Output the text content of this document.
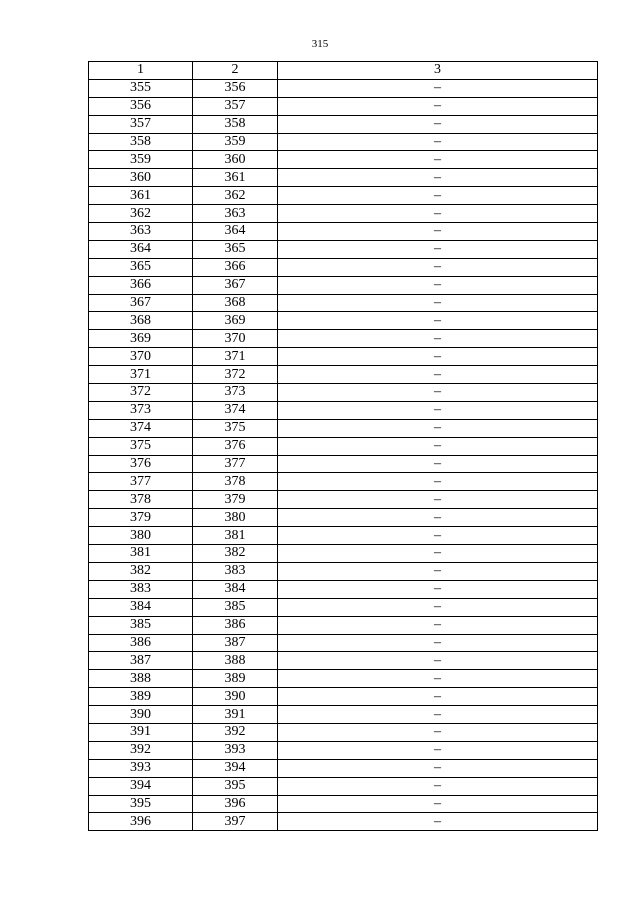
315
1	2	3
355	356	–
356	357	–
357	358	–
358	359	–
359	360	–
360	361	–
361	362	–
362	363	–
363	364	–
364	365	–
365	366	–
366	367	–
367	368	–
368	369	–
369	370	–
370	371	–
371	372	–
372	373	–
373	374	–
374	375	–
375	376	–
376	377	–
377	378	–
378	379	–
379	380	–
380	381	–
381	382	–
382	383	–
383	384	–
384	385	–
385	386	–
386	387	–
387	388	–
388	389	–
389	390	–
390	391	–
391	392	–
392	393	–
393	394	–
394	395	–
395	396	–
396	397	–
